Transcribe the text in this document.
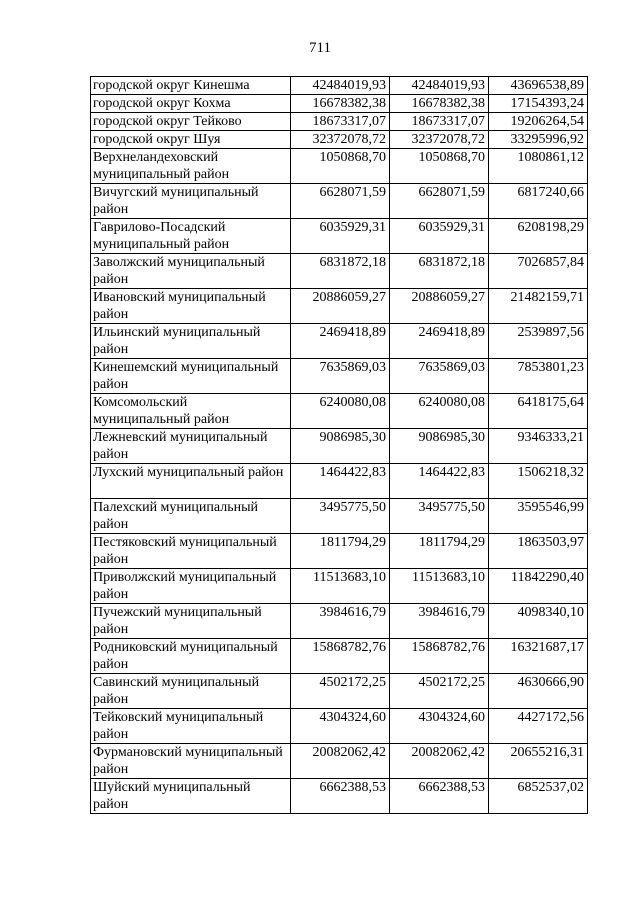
711
городской округ Кинешма	42484019,93	42484019,93	43696538,89
городской округ Кохма	16678382,38	16678382,38	17154393,24
городской округ Тейково	18673317,07	18673317,07	19206264,54
городской округ Шуя	32372078,72	32372078,72	33295996,92
Верхнеландеховский муниципальный район	1050868,70	1050868,70	1080861,12
Вичугский муниципальный район	6628071,59	6628071,59	6817240,66
Гаврилово-Посадский муниципальный район	6035929,31	6035929,31	6208198,29
Заволжский муниципальный район	6831872,18	6831872,18	7026857,84
Ивановский муниципальный район	20886059,27	20886059,27	21482159,71
Ильинский муниципальный район	2469418,89	2469418,89	2539897,56
Кинешемский муниципальный район	7635869,03	7635869,03	7853801,23
Комсомольский муниципальный район	6240080,08	6240080,08	6418175,64
Лежневский муниципальный район	9086985,30	9086985,30	9346333,21
Лухский муниципальный район	1464422,83	1464422,83	1506218,32
Палехский муниципальный район	3495775,50	3495775,50	3595546,99
Пестяковский муниципальный район	1811794,29	1811794,29	1863503,97
Приволжский муниципальный район	11513683,10	11513683,10	11842290,40
Пучежский муниципальный район	3984616,79	3984616,79	4098340,10
Родниковский муниципальный район	15868782,76	15868782,76	16321687,17
Савинский муниципальный район	4502172,25	4502172,25	4630666,90
Тейковский муниципальный район	4304324,60	4304324,60	4427172,56
Фурмановский муниципальный район	20082062,42	20082062,42	20655216,31
Шуйский муниципальный район	6662388,53	6662388,53	6852537,02
